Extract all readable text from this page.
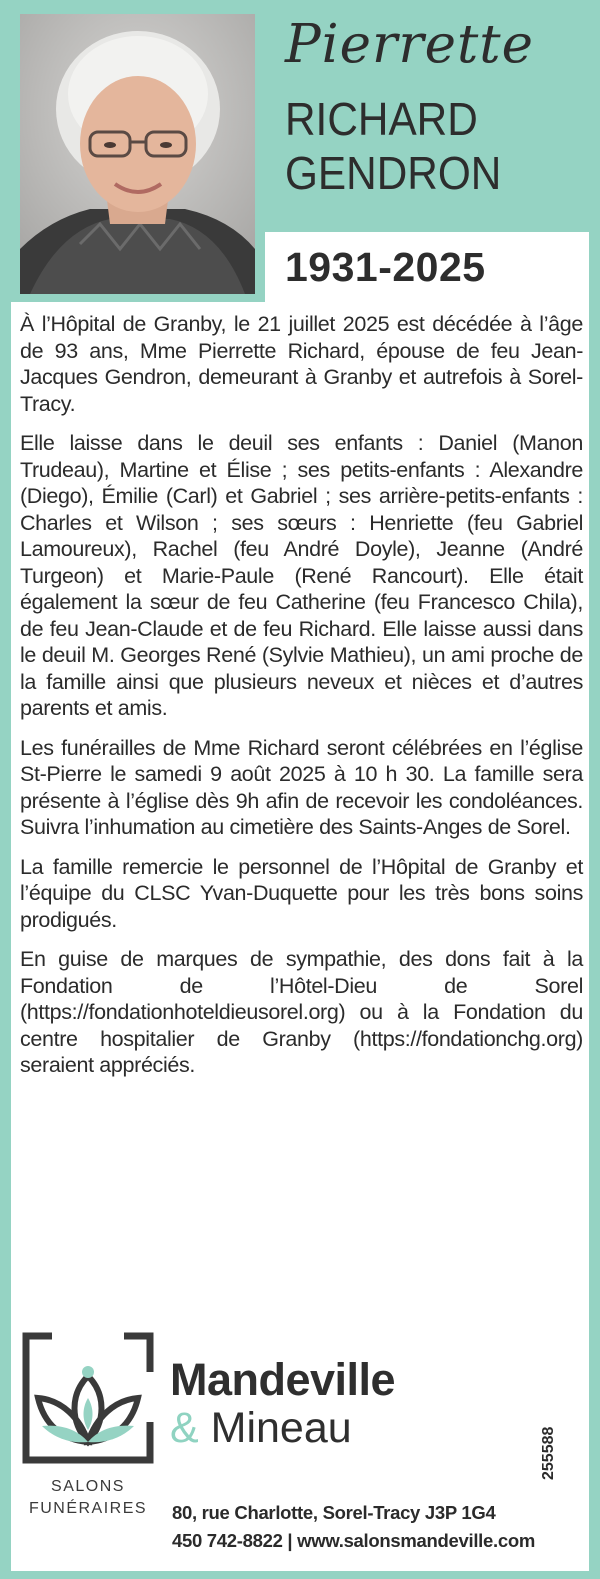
Pierrette
RICHARD
GENDRON
1931-2025

À l’Hôpital de Granby, le 21 juillet 2025 est décédée à l’âge de 93 ans, Mme Pierrette Richard, épouse de feu Jean-Jacques Gendron, demeurant à Granby et autrefois à Sorel-Tracy.

Elle laisse dans le deuil ses enfants : Daniel (Manon Trudeau), Martine et Élise ; ses petits-enfants : Alexandre (Diego), Émilie (Carl) et Gabriel ; ses arrière-petits-enfants : Charles et Wilson ; ses sœurs : Henriette (feu Gabriel Lamoureux), Rachel (feu André Doyle), Jeanne (André Turgeon) et Marie-Paule (René Rancourt). Elle était également la sœur de feu Catherine (feu Francesco Chila), de feu Jean-Claude et de feu Richard. Elle laisse aussi dans le deuil M. Georges René (Sylvie Mathieu), un ami proche de la famille ainsi que plusieurs neveux et nièces et d’autres parents et amis.

Les funérailles de Mme Richard seront célébrées en l’église St-Pierre le samedi 9 août 2025 à 10 h 30. La famille sera présente à l’église dès 9h afin de recevoir les condoléances. Suivra l’inhumation au cimetière des Saints-Anges de Sorel.

La famille remercie le personnel de l’Hôpital de Granby et l’équipe du CLSC Yvan-Duquette pour les très bons soins prodigués.

En guise de marques de sympathie, des dons fait à la Fondation de l’Hôtel-Dieu de Sorel (https://fondationhoteldieusorel.org) ou à la Fondation du centre hospitalier de Granby (https://fondationchg.org) seraient appréciés.

Mandeville
& Mineau
SALONS
FUNÉRAIRES	80, rue Charlotte, Sorel-Tracy J3P 1G4
450 742-8822 | www.salonsmandeville.com
255588
